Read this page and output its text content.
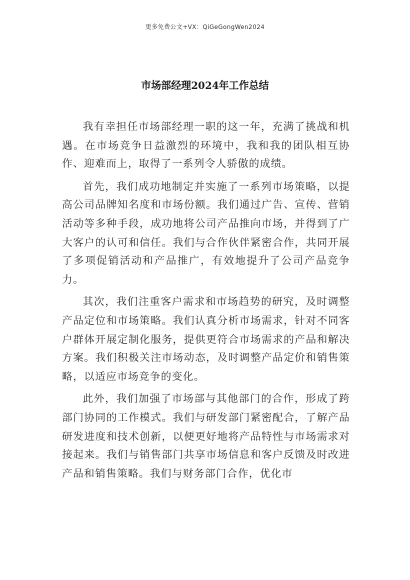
更多免费公文+VX：QiGeGongWen2024
市场部经理2024年工作总结

我有幸担任市场部经理一职的这一年，充满了挑战和机遇。在市场竞争日益激烈的环境中，我和我的团队相互协作、迎难而上，取得了一系列令人骄傲的成绩。

首先，我们成功地制定并实施了一系列市场策略，以提高公司品牌知名度和市场份额。我们通过广告、宣传、营销活动等多种手段，成功地将公司产品推向市场，并得到了广大客户的认可和信任。我们与合作伙伴紧密合作，共同开展了多项促销活动和产品推广，有效地提升了公司产品竞争力。

其次，我们注重客户需求和市场趋势的研究，及时调整产品定位和市场策略。我们认真分析市场需求，针对不同客户群体开展定制化服务，提供更符合市场需求的产品和解决方案。我们积极关注市场动态，及时调整产品定价和销售策略，以适应市场竞争的变化。

此外，我们加强了市场部与其他部门的合作，形成了跨部门协同的工作模式。我们与研发部门紧密配合，了解产品研发进度和技术创新，以便更好地将产品特性与市场需求对接起来。我们与销售部门共享市场信息和客户反馈及时改进产品和销售策略。我们与财务部门合作，优化市
